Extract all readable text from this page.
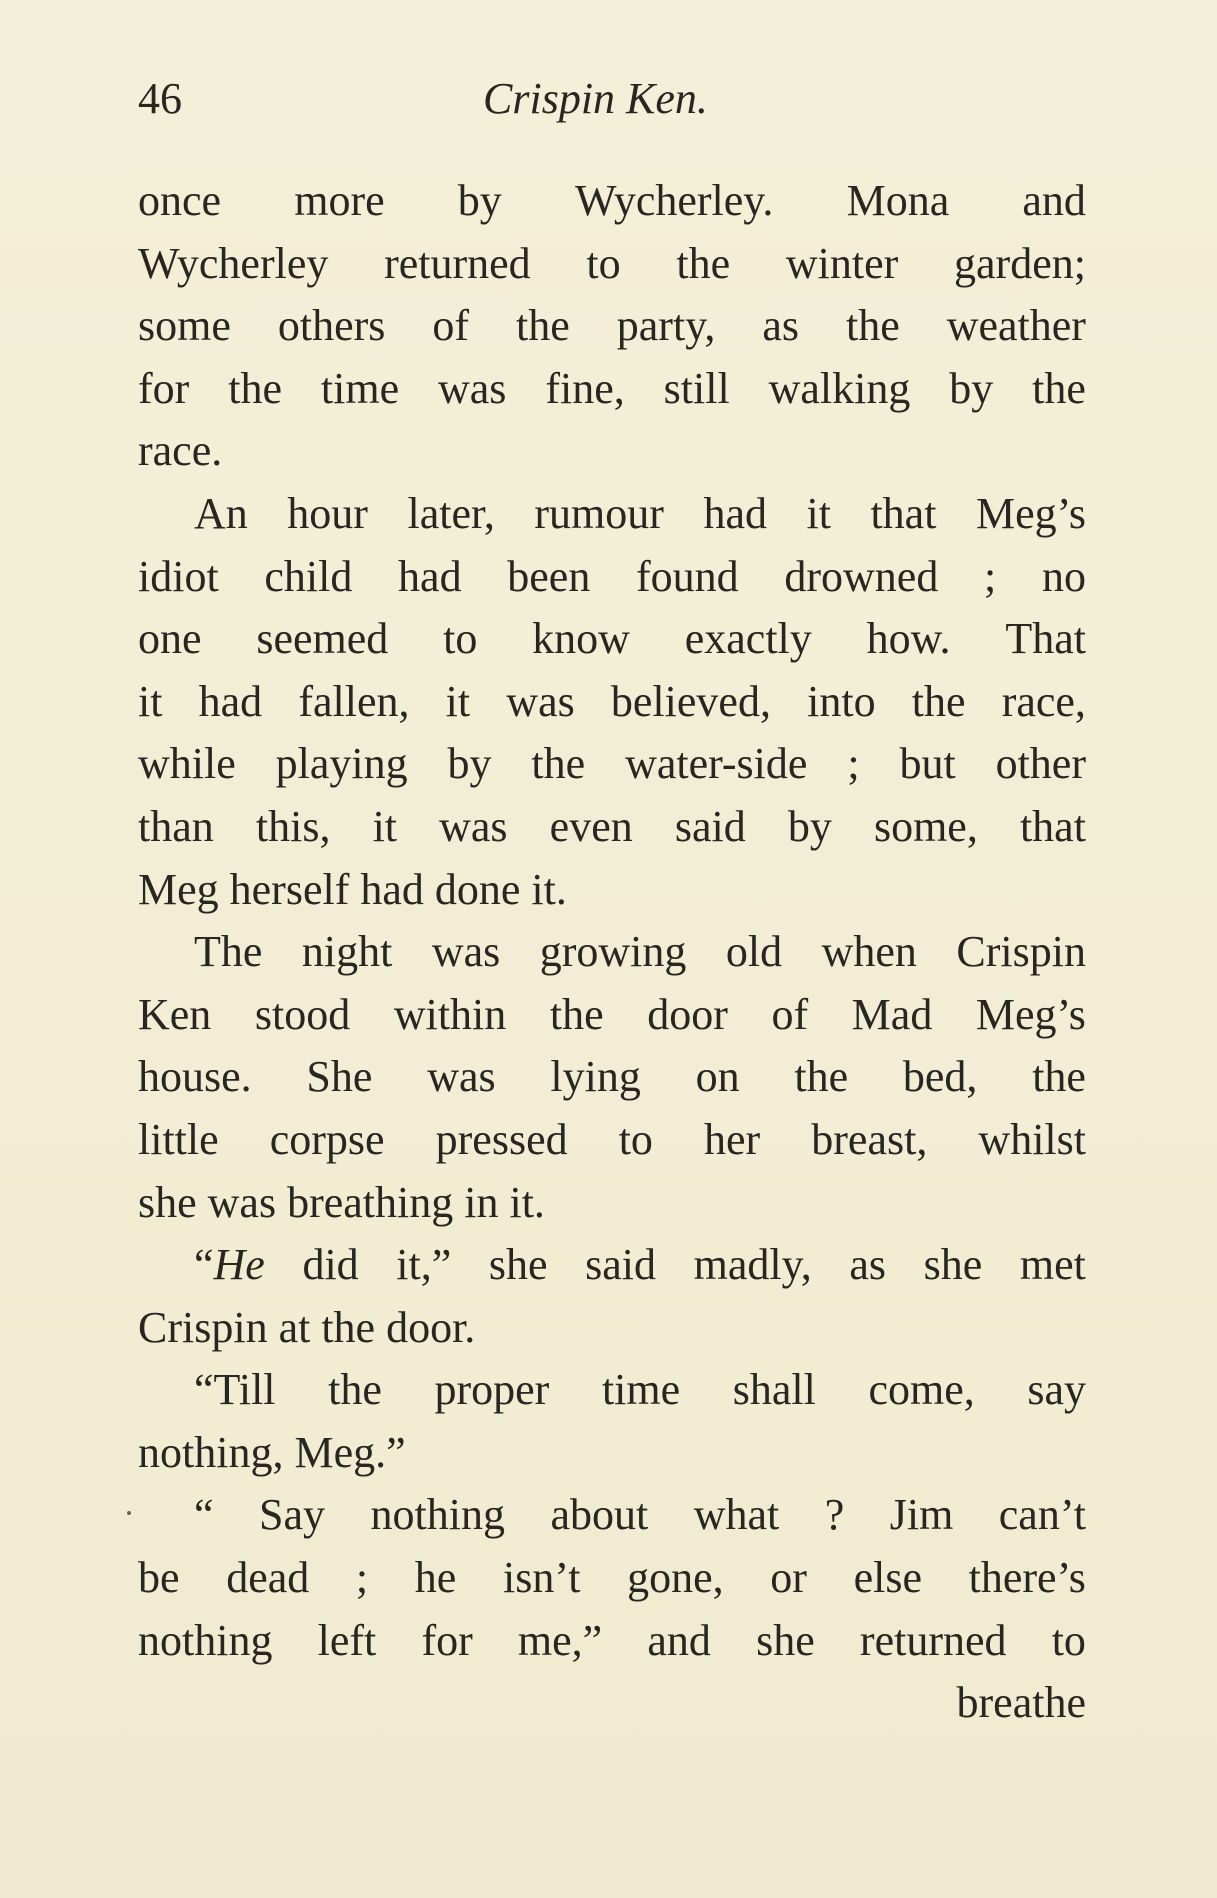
46	Crispin Ken.
once more by Wycherley. Mona and
Wycherley returned to the winter garden;
some others of the party, as the weather
for the time was fine, still walking by the
race.
An hour later, rumour had it that Meg’s
idiot child had been found drowned ; no
one seemed to know exactly how. That
it had fallen, it was believed, into the race,
while playing by the water-side ; but other
than this, it was even said by some, that
Meg herself had done it.
The night was growing old when Crispin
Ken stood within the door of Mad Meg’s
house. She was lying on the bed, the
little corpse pressed to her breast, whilst
she was breathing in it.
“He did it,” she said madly, as she met
Crispin at the door.
“Till the proper time shall come, say
nothing, Meg.”
“ Say nothing about what ? Jim can’t
be dead ; he isn’t gone, or else there’s
nothing left for me,” and she returned to
breathe
